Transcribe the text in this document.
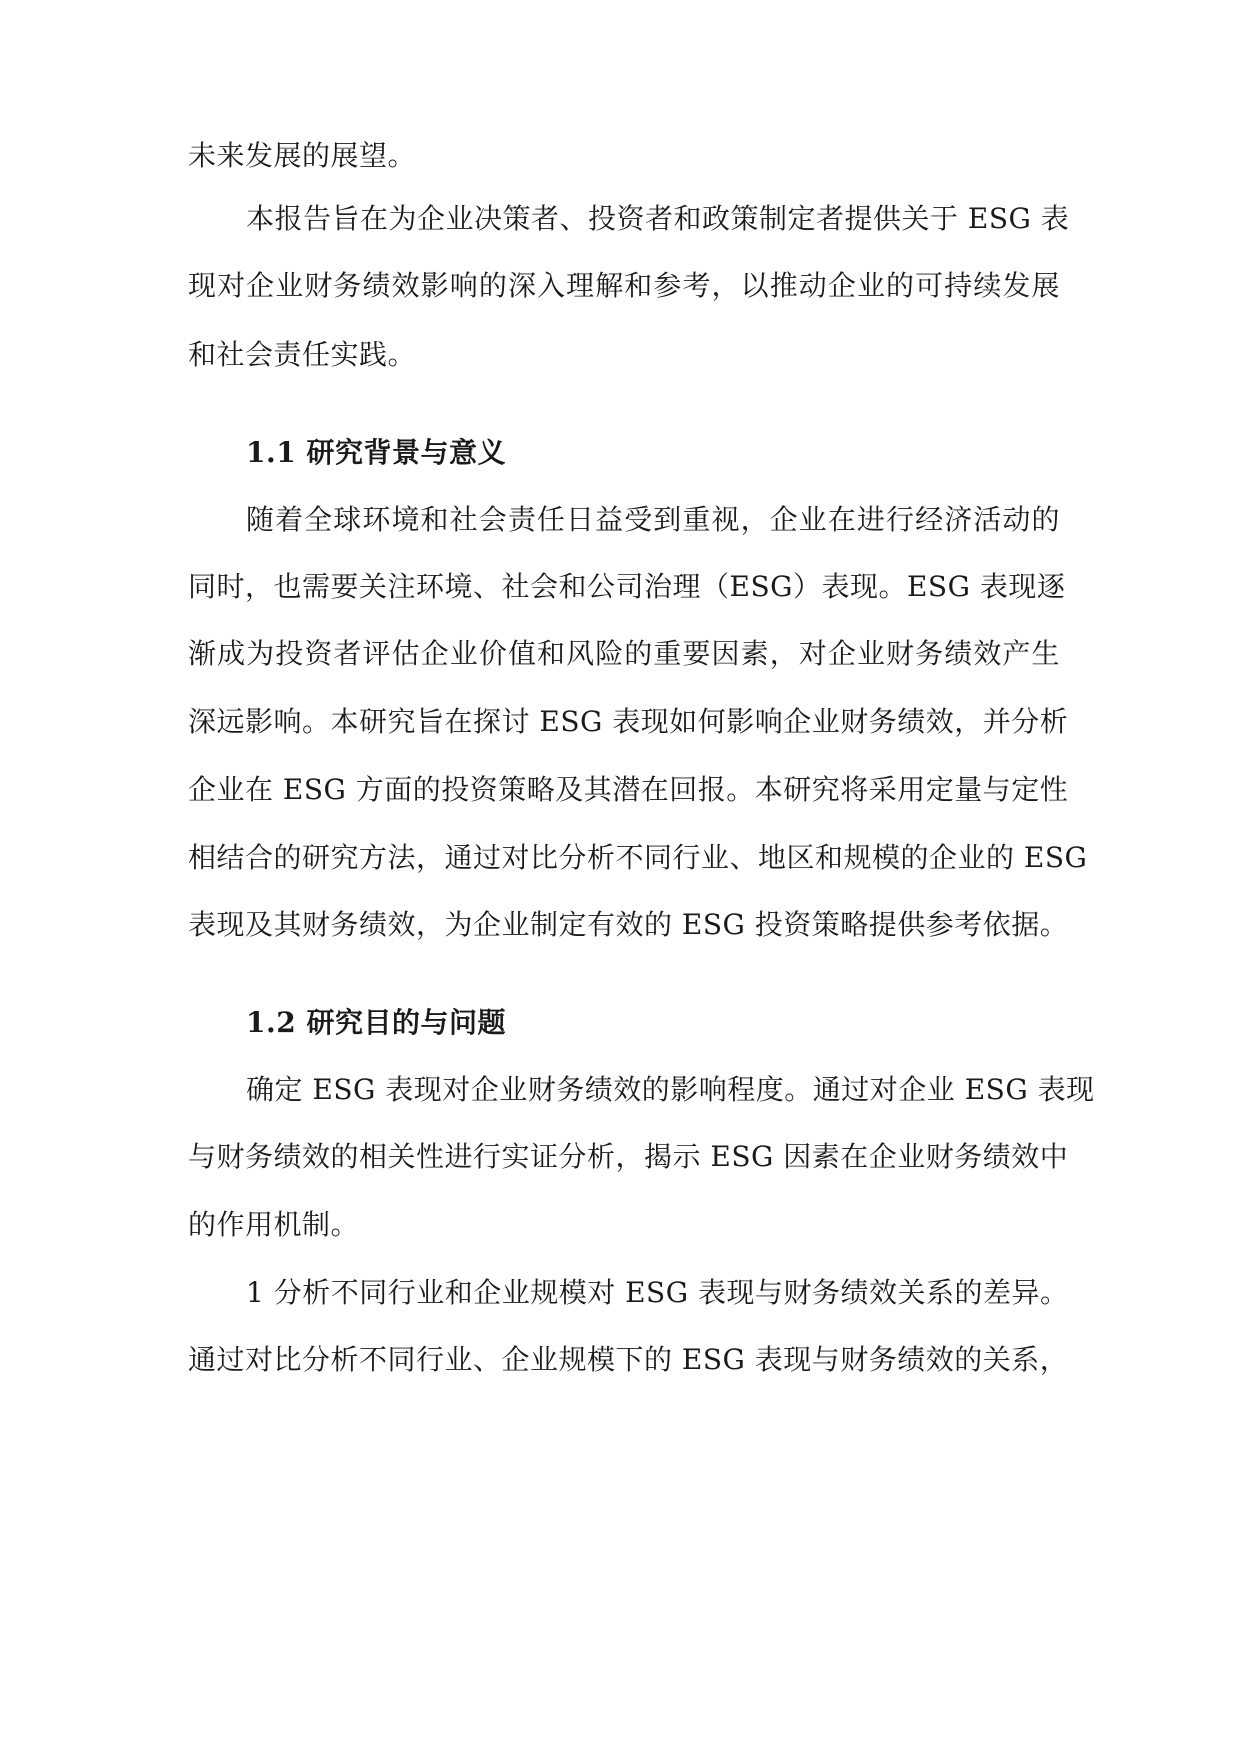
未来发展的展望。
本报告旨在为企业决策者、投资者和政策制定者提供关于 ESG 表
现对企业财务绩效影响的深入理解和参考，以推动企业的可持续发展
和社会责任实践。
1.1 研究背景与意义
随着全球环境和社会责任日益受到重视，企业在进行经济活动的
同时，也需要关注环境、社会和公司治理（ESG）表现。ESG 表现逐
渐成为投资者评估企业价值和风险的重要因素，对企业财务绩效产生
深远影响。本研究旨在探讨 ESG 表现如何影响企业财务绩效，并分析
企业在 ESG 方面的投资策略及其潜在回报。本研究将采用定量与定性
相结合的研究方法，通过对比分析不同行业、地区和规模的企业的 ESG
表现及其财务绩效，为企业制定有效的 ESG 投资策略提供参考依据。
1.2 研究目的与问题
确定 ESG 表现对企业财务绩效的影响程度。通过对企业 ESG 表现
与财务绩效的相关性进行实证分析，揭示 ESG 因素在企业财务绩效中
的作用机制。
1 分析不同行业和企业规模对 ESG 表现与财务绩效关系的差异。
通过对比分析不同行业、企业规模下的 ESG 表现与财务绩效的关系，
